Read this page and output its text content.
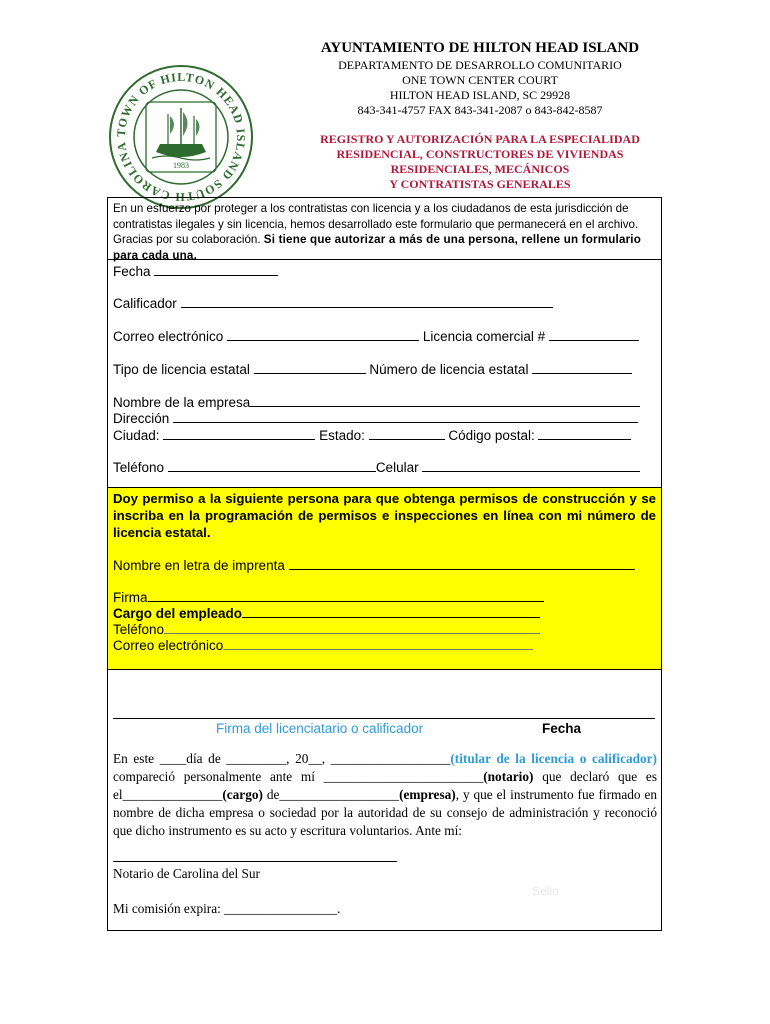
TOWN OF HILTON HEAD ISLAND SOUTH CAROLINA
1983
AYUNTAMIENTO DE HILTON HEAD ISLAND
DEPARTAMENTO DE DESARROLLO COMUNITARIO
ONE TOWN CENTER COURT
HILTON HEAD ISLAND, SC 29928
843-341-4757 FAX 843-341-2087 o 843-842-8587
REGISTRO Y AUTORIZACIÓN PARA LA ESPECIALIDAD
RESIDENCIAL, CONSTRUCTORES DE VIVIENDAS
RESIDENCIALES, MECÁNICOS
Y CONTRATISTAS GENERALES
En un esfuerzo por proteger a los contratistas con licencia y a los ciudadanos de esta jurisdicción de contratistas ilegales y sin licencia, hemos desarrollado este formulario que permanecerá en el archivo. Gracias por su colaboración. Si tiene que autorizar a más de una persona, rellene un formulario para cada una.
Fecha
Calificador
Correo electrónico	Licencia comercial #
Tipo de licencia estatal	Número de licencia estatal
Nombre de la empresa
Dirección
Ciudad:	Estado:	Código postal:
Teléfono	Celular
Doy permiso a la siguiente persona para que obtenga permisos de construcción y se inscriba en la programación de permisos e inspecciones en línea con mi número de licencia estatal.
Nombre en letra de imprenta
Firma
Cargo del empleado
Teléfono
Correo electrónico
Firma del licenciatario o calificador	Fecha
En este ____día de _________, 20__, __________________(titular de la licencia o calificador) compareció personalmente ante mí ________________________(notario) que declaró que es el_______________(cargo) de__________________(empresa), y que el instrumento fue firmado en nombre de dicha empresa o sociedad por la autoridad de su consejo de administración y reconoció que dicho instrumento es su acto y escritura voluntarios. Ante mí:
Notario de Carolina del Sur
Sello
Mi comisión expira: _________________.
